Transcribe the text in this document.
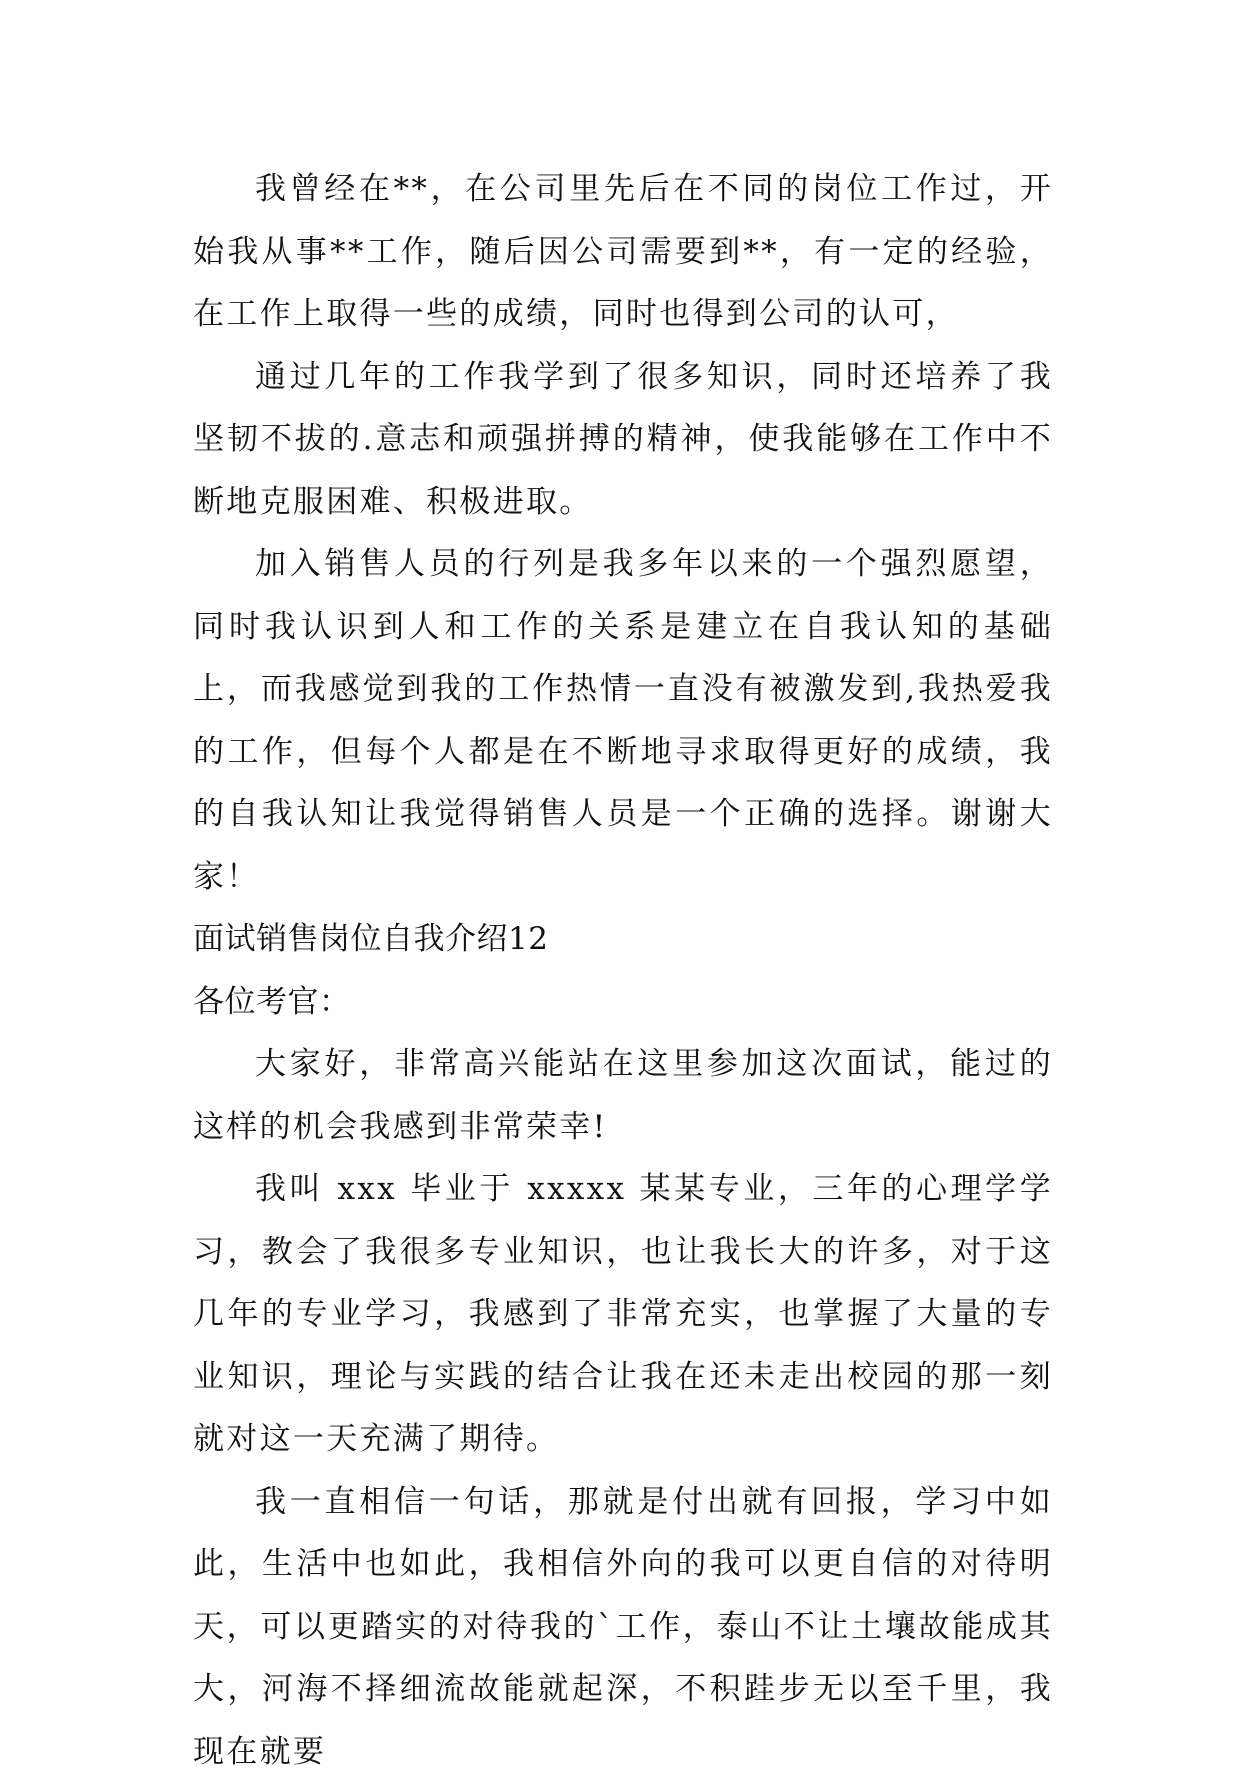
我曾经在**，在公司里先后在不同的岗位工作过，开始我从事**工作，随后因公司需要到**，有一定的经验，在工作上取得一些的成绩，同时也得到公司的认可，

通过几年的工作我学到了很多知识，同时还培养了我坚韧不拔的.意志和顽强拼搏的精神，使我能够在工作中不断地克服困难、积极进取。

加入销售人员的行列是我多年以来的一个强烈愿望，同时我认识到人和工作的关系是建立在自我认知的基础上，而我感觉到我的工作热情一直没有被激发到,我热爱我的工作，但每个人都是在不断地寻求取得更好的成绩，我的自我认知让我觉得销售人员是一个正确的选择。谢谢大家！

面试销售岗位自我介绍12

各位考官：

大家好，非常高兴能站在这里参加这次面试，能过的这样的机会我感到非常荣幸!

我叫 xxx 毕业于 xxxxx 某某专业，三年的心理学学习，教会了我很多专业知识，也让我长大的许多，对于这几年的专业学习，我感到了非常充实，也掌握了大量的专业知识，理论与实践的结合让我在还未走出校园的那一刻就对这一天充满了期待。

我一直相信一句话，那就是付出就有回报，学习中如此，生活中也如此，我相信外向的我可以更自信的对待明天，可以更踏实的对待我的`工作，泰山不让土壤故能成其大，河海不择细流故能就起深，不积跬步无以至千里，我现在就要
